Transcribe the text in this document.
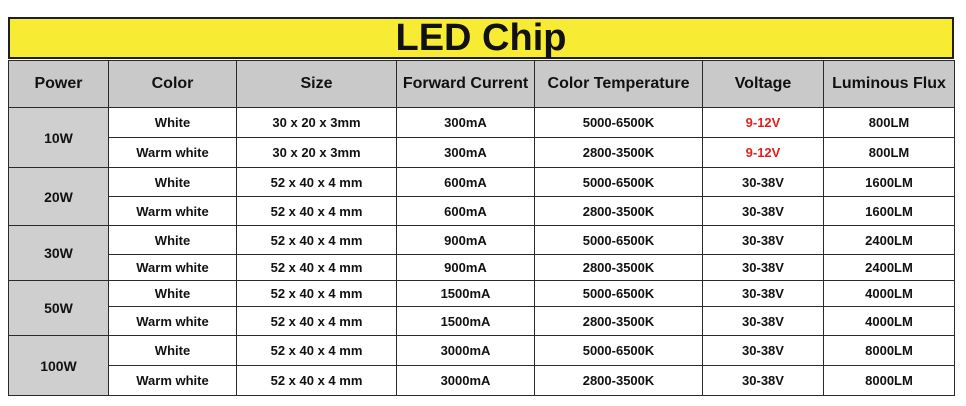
LED Chip
Power	Color	Size	Forward Current	Color Temperature	Voltage	Luminous Flux
10W	White	30 x 20 x 3mm	300mA	5000-6500K	9-12V	800LM
	Warm white	30 x 20 x 3mm	300mA	2800-3500K	9-12V	800LM
20W	White	52 x 40 x 4 mm	600mA	5000-6500K	30-38V	1600LM
	Warm white	52 x 40 x 4 mm	600mA	2800-3500K	30-38V	1600LM
30W	White	52 x 40 x 4 mm	900mA	5000-6500K	30-38V	2400LM
	Warm white	52 x 40 x 4 mm	900mA	2800-3500K	30-38V	2400LM
50W	White	52 x 40 x 4 mm	1500mA	5000-6500K	30-38V	4000LM
	Warm white	52 x 40 x 4 mm	1500mA	2800-3500K	30-38V	4000LM
100W	White	52 x 40 x 4 mm	3000mA	5000-6500K	30-38V	8000LM
	Warm white	52 x 40 x 4 mm	3000mA	2800-3500K	30-38V	8000LM
